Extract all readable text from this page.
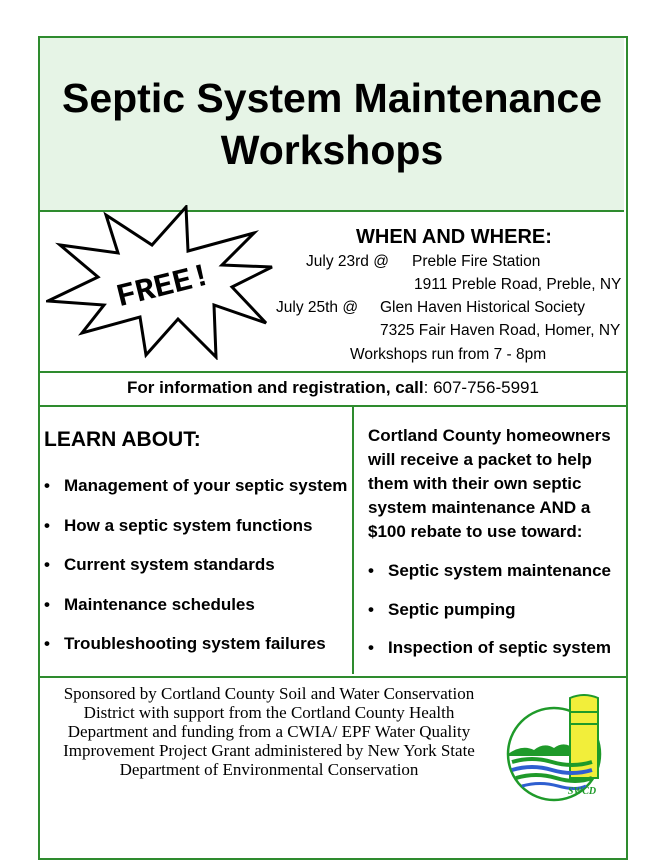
Septic System Maintenance
Workshops
FREE!
WHEN AND WHERE:
July 23rd @ Preble Fire Station
1911 Preble Road, Preble, NY
July 25th @ Glen Haven Historical Society
7325 Fair Haven Road, Homer, NY
Workshops run from 7 - 8pm
For information and registration, call: 607-756-5991
LEARN ABOUT:
• Management of your septic system
• How a septic system functions
• Current system standards
• Maintenance schedules
• Troubleshooting system failures
Cortland County homeowners will receive a packet to help them with their own septic system maintenance AND a $100 rebate to use toward:
• Septic system maintenance
• Septic pumping
• Inspection of septic system
Sponsored by Cortland County Soil and Water Conservation District with support from the Cortland County Health Department and funding from a CWIA/ EPF Water Quality Improvement Project Grant administered by New York State Department of Environmental Conservation
SWCD
